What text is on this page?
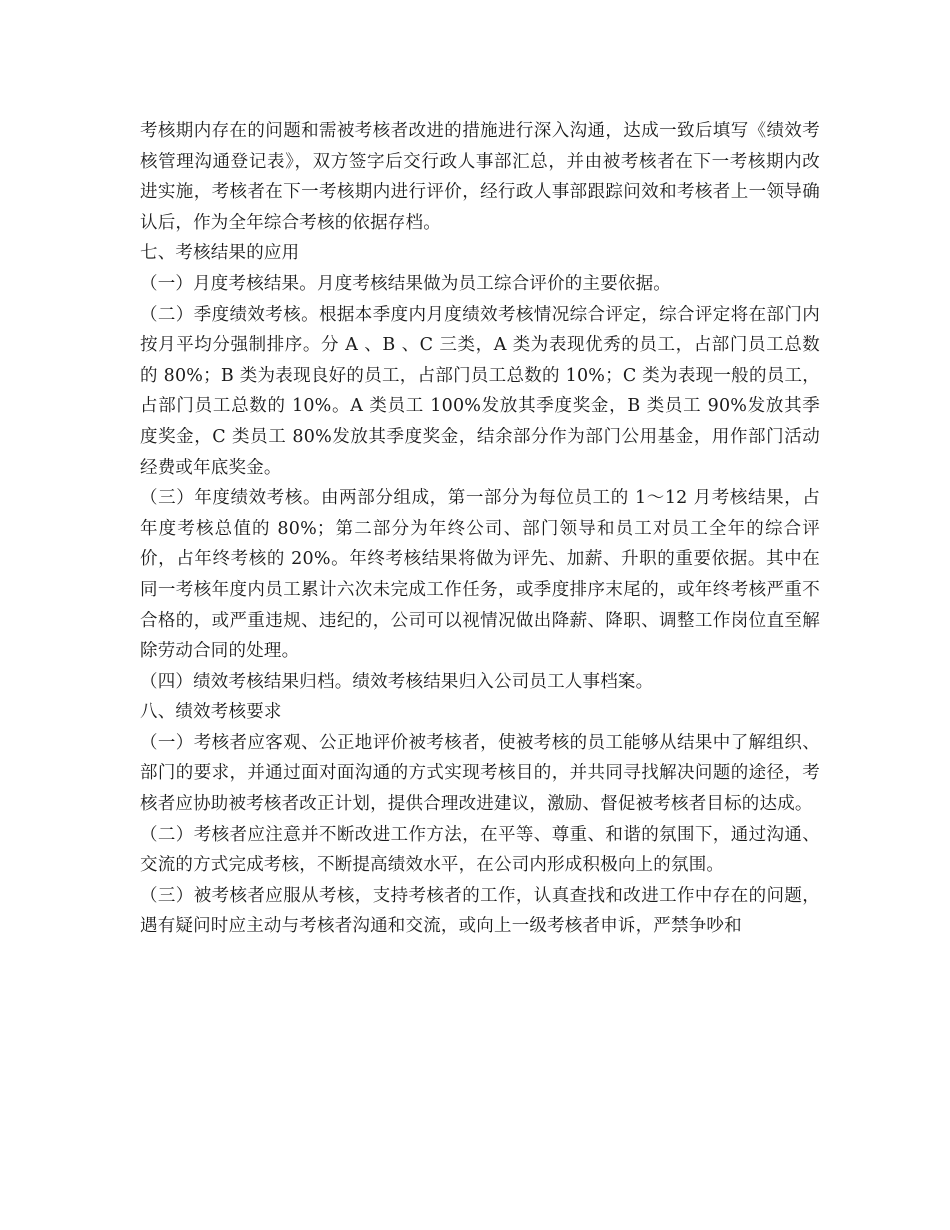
考核期内存在的问题和需被考核者改进的措施进行深入沟通，达成一致后填写《绩效考核管理沟通登记表》，双方签字后交行政人事部汇总，并由被考核者在下一考核期内改进实施，考核者在下一考核期内进行评价，经行政人事部跟踪问效和考核者上一领导确认后，作为全年综合考核的依据存档。

七、考核结果的应用

（一）月度考核结果。月度考核结果做为员工综合评价的主要依据。

（二）季度绩效考核。根据本季度内月度绩效考核情况综合评定，综合评定将在部门内按月平均分强制排序。分 A 、B 、C 三类，A 类为表现优秀的员工，占部门员工总数的 80%；B 类为表现良好的员工，占部门员工总数的 10%；C 类为表现一般的员工，占部门员工总数的 10%。A 类员工 100%发放其季度奖金，B 类员工 90%发放其季度奖金，C 类员工 80%发放其季度奖金，结余部分作为部门公用基金，用作部门活动经费或年底奖金。

（三）年度绩效考核。由两部分组成，第一部分为每位员工的 1～12 月考核结果，占年度考核总值的 80%；第二部分为年终公司、部门领导和员工对员工全年的综合评价，占年终考核的 20%。年终考核结果将做为评先、加薪、升职的重要依据。其中在同一考核年度内员工累计六次未完成工作任务，或季度排序末尾的，或年终考核严重不合格的，或严重违规、违纪的，公司可以视情况做出降薪、降职、调整工作岗位直至解除劳动合同的处理。

（四）绩效考核结果归档。绩效考核结果归入公司员工人事档案。

八、绩效考核要求

（一）考核者应客观、公正地评价被考核者，使被考核的员工能够从结果中了解组织、部门的要求，并通过面对面沟通的方式实现考核目的，并共同寻找解决问题的途径，考核者应协助被考核者改正计划，提供合理改进建议，激励、督促被考核者目标的达成。

（二）考核者应注意并不断改进工作方法，在平等、尊重、和谐的氛围下，通过沟通、交流的方式完成考核，不断提高绩效水平，在公司内形成积极向上的氛围。

（三）被考核者应服从考核，支持考核者的工作，认真查找和改进工作中存在的问题，遇有疑问时应主动与考核者沟通和交流，或向上一级考核者申诉，严禁争吵和
